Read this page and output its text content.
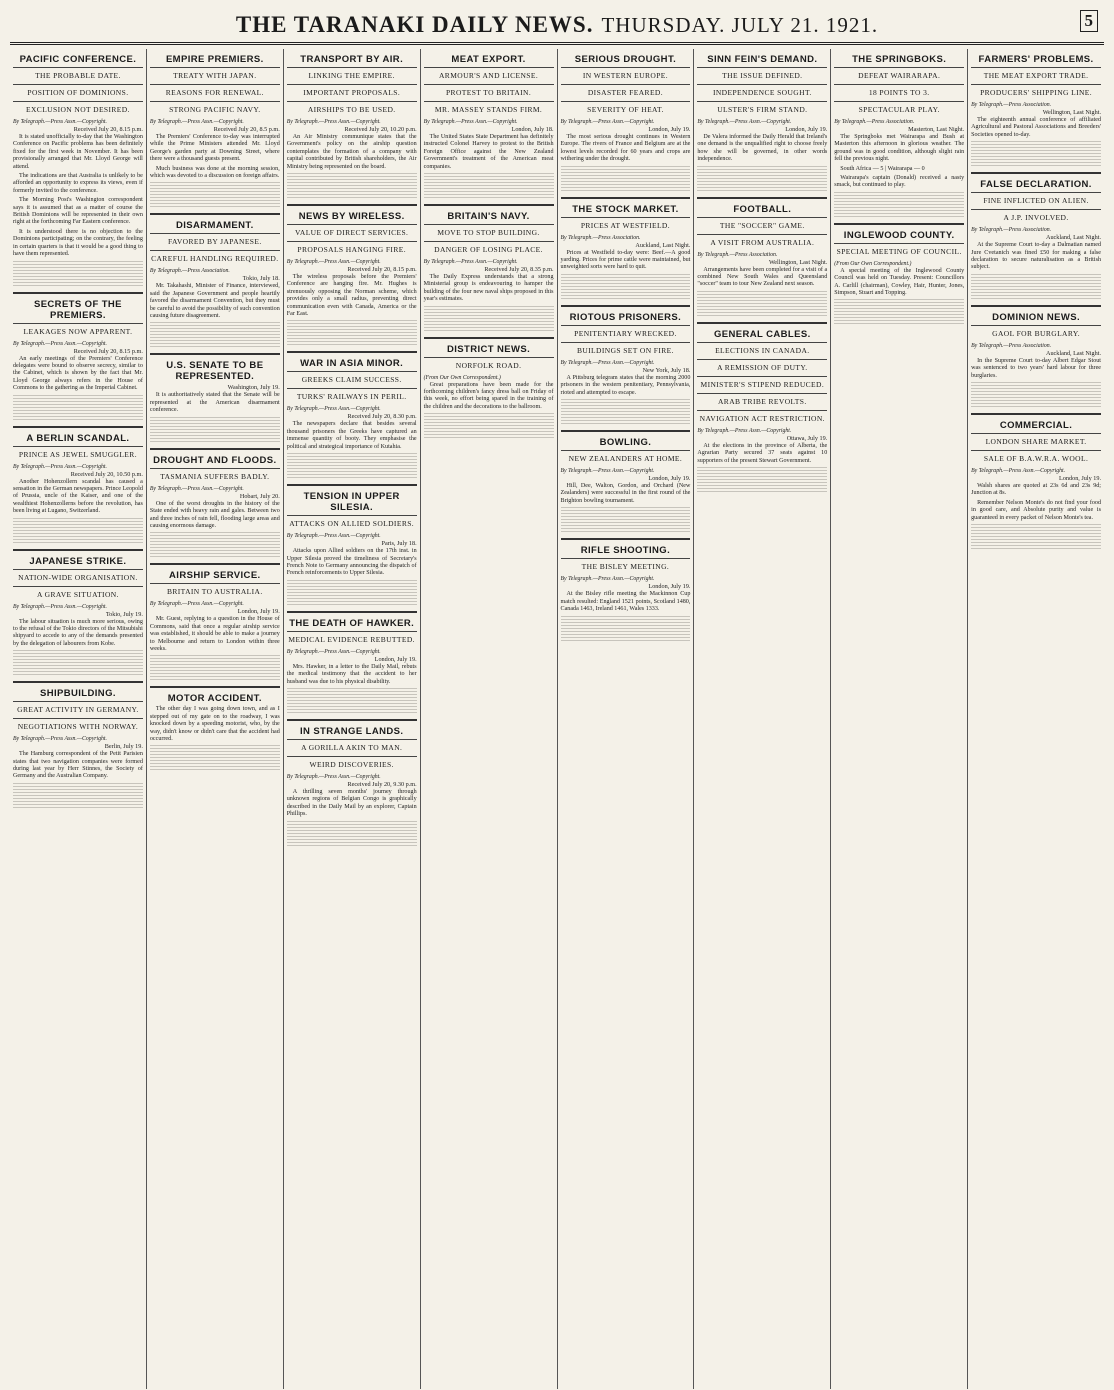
THE TARANAKI DAILY NEWS. THURSDAY. JULY 21. 1921.	5
PACIFIC CONFERENCE.
THE PROBABLE DATE.
POSITION OF DOMINIONS.
EXCLUSION NOT DESIRED.
By Telegraph.—Press Assn.—Copyright.
Received July 20, 8.15 p.m.

It is stated unofficially to-day that the Washington Conference on Pacific problems has been definitely fixed for the first week in November. It has been provisionally arranged that Mr. Lloyd George will attend.

The indications are that Australia is unlikely to be afforded an opportunity to express its views, even if formerly invited to the conference.

The Morning Post's Washington correspondent says it is assumed that as a matter of course the British Dominions will be represented in their own right at the forthcoming Far Eastern conference.

It is understood there is no objection to the Dominions participating; on the contrary, the feeling in certain quarters is that it would be a good thing to have them represented.

SECRETS OF THE PREMIERS.
LEAKAGES NOW APPARENT.
By Telegraph.—Press Assn.—Copyright.
Received July 20, 8.15 p.m.

An early meetings of the Premiers' Conference delegates were bound to observe secrecy, similar to the Cabinet, which is shown by the fact that Mr. Lloyd George always refers in the House of Commons to the gathering as the Imperial Cabinet.

A BERLIN SCANDAL.
PRINCE AS JEWEL SMUGGLER.
By Telegraph.—Press Assn.—Copyright.
Received July 20, 10.50 p.m.

Another Hohenzollern scandal has caused a sensation in the German newspapers. Prince Leopold of Prussia, uncle of the Kaiser, and one of the wealthiest Hohenzollerns before the revolution, has been living at Lugano, Switzerland.

JAPANESE STRIKE.
NATION-WIDE ORGANISATION.
A GRAVE SITUATION.
By Telegraph.—Press Assn.—Copyright.
Tokio, July 19.

The labour situation is much more serious, owing to the refusal of the Tokio directors of the Mitsubishi shipyard to accede to any of the demands presented by the delegation of labourers from Kobe.

SHIPBUILDING.
GREAT ACTIVITY IN GERMANY.
NEGOTIATIONS WITH NORWAY.
By Telegraph.—Press Assn.—Copyright.
Berlin, July 19.

The Hamburg correspondent of the Petit Parisien states that two navigation companies were formed during last year by Herr Stinnes, the Society of Germany and the Australian Company.

EMPIRE PREMIERS.
TREATY WITH JAPAN.
REASONS FOR RENEWAL.
STRONG PACIFIC NAVY.
By Telegraph.—Press Assn.—Copyright.
Received July 20, 8.5 p.m.

The Premiers' Conference to-day was interrupted while the Prime Ministers attended Mr. Lloyd George's garden party at Downing Street, where there were a thousand guests present.

Much business was done at the morning session, which was devoted to a discussion on foreign affairs.

DISARMAMENT.
FAVORED BY JAPANESE.
CAREFUL HANDLING REQUIRED.
By Telegraph.—Press Association.
Tokio, July 18.

Mr. Takahashi, Minister of Finance, interviewed, said the Japanese Government and people heartily favored the disarmament Convention, but they must be careful to avoid the possibility of such convention causing future disagreement.

U.S. SENATE TO BE REPRESENTED.
Washington, July 19.

It is authoritatively stated that the Senate will be represented at the American disarmament conference.

DROUGHT AND FLOODS.
TASMANIA SUFFERS BADLY.
By Telegraph.—Press Assn.—Copyright.
Hobart, July 20.

One of the worst droughts in the history of the State ended with heavy rain and gales. Between two and three inches of rain fell, flooding large areas and causing enormous damage.

AIRSHIP SERVICE.
BRITAIN TO AUSTRALIA.
By Telegraph.—Press Assn.—Copyright.
London, July 19.

Mr. Guest, replying to a question in the House of Commons, said that once a regular airship service was established, it should be able to make a journey to Melbourne and return to London within three weeks.

MOTOR ACCIDENT.

The other day I was going down town, and as I stepped out of my gate on to the roadway, I was knocked down by a speeding motorist, who, by the way, didn't know or didn't care that the accident had occurred.

TRANSPORT BY AIR.
LINKING THE EMPIRE.
IMPORTANT PROPOSALS.
AIRSHIPS TO BE USED.
By Telegraph.—Press Assn.—Copyright.
Received July 20, 10.20 p.m.

An Air Ministry communique states that the Government's policy on the airship question contemplates the formation of a company with capital contributed by British shareholders, the Air Ministry being represented on the board.

NEWS BY WIRELESS.
VALUE OF DIRECT SERVICES.
PROPOSALS HANGING FIRE.
By Telegraph.—Press Assn.—Copyright.
Received July 20, 8.15 p.m.

The wireless proposals before the Premiers' Conference are hanging fire. Mr. Hughes is strenuously opposing the Norman scheme, which provides only a small radius, preventing direct communication even with Canada, America or the Far East.

WAR IN ASIA MINOR.
GREEKS CLAIM SUCCESS.
TURKS' RAILWAYS IN PERIL.
By Telegraph.—Press Assn.—Copyright.
Received July 20, 8.30 p.m.

The newspapers declare that besides several thousand prisoners the Greeks have captured an immense quantity of booty. They emphasise the political and strategical importance of Kutahia.

TENSION IN UPPER SILESIA.
ATTACKS ON ALLIED SOLDIERS.
By Telegraph.—Press Assn.—Copyright.
Paris, July 18.

Attacks upon Allied soldiers on the 17th inst. in Upper Silesia proved the timeliness of Secretary's French Note to Germany announcing the dispatch of French reinforcements to Upper Silesia.

THE DEATH OF HAWKER.
MEDICAL EVIDENCE REBUTTED.
By Telegraph.—Press Assn.—Copyright.
London, July 19.

Mrs. Hawker, in a letter to the Daily Mail, rebuts the medical testimony that the accident to her husband was due to his physical disability.

IN STRANGE LANDS.
A GORILLA AKIN TO MAN.
WEIRD DISCOVERIES.
By Telegraph.—Press Assn.—Copyright.
Received July 20, 9.30 p.m.

A thrilling seven months' journey through unknown regions of Belgian Congo is graphically described in the Daily Mail by an explorer, Captain Phillips.

MEAT EXPORT.
ARMOUR'S AND LICENSE.
PROTEST TO BRITAIN.
MR. MASSEY STANDS FIRM.
By Telegraph.—Press Assn.—Copyright.
London, July 18.

The United States State Department has definitely instructed Colonel Harvey to protest to the British Foreign Office against the New Zealand Government's treatment of the American meat companies.

BRITAIN'S NAVY.
MOVE TO STOP BUILDING.
DANGER OF LOSING PLACE.
By Telegraph.—Press Assn.—Copyright.
Received July 20, 8.35 p.m.

The Daily Express understands that a strong Ministerial group is endeavouring to hamper the building of the four new naval ships proposed in this year's estimates.

DISTRICT NEWS.
NORFOLK ROAD.
(From Our Own Correspondent.)

Great preparations have been made for the forthcoming children's fancy dress ball on Friday of this week, no effort being spared in the training of the children and the decorations to the ballroom.

SERIOUS DROUGHT.
IN WESTERN EUROPE.
DISASTER FEARED.
SEVERITY OF HEAT.
By Telegraph.—Press Assn.—Copyright.
London, July 19.

The most serious drought continues in Western Europe. The rivers of France and Belgium are at the lowest levels recorded for 60 years and crops are withering under the drought.

THE STOCK MARKET.
PRICES AT WESTFIELD.
By Telegraph.—Press Association.
Auckland, Last Night.

Prices at Westfield to-day were: Beef.—A good yarding. Prices for prime cattle were maintained, but unweighted sorts were hard to quit.

RIOTOUS PRISONERS.
PENITENTIARY WRECKED.
BUILDINGS SET ON FIRE.
By Telegraph.—Press Assn.—Copyright.
New York, July 18.

A Pittsburg telegram states that the morning 2000 prisoners in the western penitentiary, Pennsylvania, rioted and attempted to escape.

BOWLING.
NEW ZEALANDERS AT HOME.
By Telegraph.—Press Assn.—Copyright.
London, July 19.

Hill, Dee, Walton, Gordon, and Orchard (New Zealanders) were successful in the first round of the Brighton bowling tournament.

RIFLE SHOOTING.
THE BISLEY MEETING.
By Telegraph.—Press Assn.—Copyright.
London, July 19.

At the Bisley rifle meeting the Mackinnon Cup match resulted: England 1521 points, Scotland 1480, Canada 1463, Ireland 1461, Wales 1333.

SINN FEIN'S DEMAND.
THE ISSUE DEFINED.
INDEPENDENCE SOUGHT.
ULSTER'S FIRM STAND.
By Telegraph.—Press Assn.—Copyright.
London, July 19.

De Valera informed the Daily Herald that Ireland's one demand is the unqualified right to choose freely how she will be governed, in other words independence.

FOOTBALL.
THE "SOCCER" GAME.
A VISIT FROM AUSTRALIA.
By Telegraph.—Press Association.
Wellington, Last Night.

Arrangements have been completed for a visit of a combined New South Wales and Queensland "soccer" team to tour New Zealand next season.

GENERAL CABLES.
ELECTIONS IN CANADA.
A REMISSION OF DUTY.
MINISTER'S STIPEND REDUCED.
ARAB TRIBE REVOLTS.
NAVIGATION ACT RESTRICTION.
By Telegraph.—Press Assn.—Copyright.
Ottawa, July 19.

At the elections in the province of Alberta, the Agrarian Party secured 37 seats against 10 supporters of the present Stewart Government.

THE SPRINGBOKS.
DEFEAT WAIRARAPA.
18 POINTS TO 3.
SPECTACULAR PLAY.
By Telegraph.—Press Association.
Masterton, Last Night.

The Springboks met Wairarapa and Bush at Masterton this afternoon in glorious weather. The ground was in good condition, although slight rain fell the previous night.

South Africa — 5 | Wairarapa — 0

Wairarapa's captain (Donald) received a nasty smack, but continued to play.

INGLEWOOD COUNTY.
SPECIAL MEETING OF COUNCIL.
(From Our Own Correspondent.)

A special meeting of the Inglewood County Council was held on Tuesday. Present: Councillors A. Carlill (chairman), Cowley, Hair, Hunter, Jones, Simpson, Stuart and Topping.

FARMERS' PROBLEMS.
THE MEAT EXPORT TRADE.
PRODUCERS' SHIPPING LINE.
By Telegraph.—Press Association.
Wellington, Last Night.

The eighteenth annual conference of affiliated Agricultural and Pastoral Associations and Breeders' Societies opened to-day.

FALSE DECLARATION.
FINE INFLICTED ON ALIEN.
A J.P. INVOLVED.
By Telegraph.—Press Association.
Auckland, Last Night.

At the Supreme Court to-day a Dalmatian named Jure Cvetanich was fined £50 for making a false declaration to secure naturalisation as a British subject.

DOMINION NEWS.
GAOL FOR BURGLARY.
By Telegraph.—Press Association.
Auckland, Last Night.

In the Supreme Court to-day Albert Edgar Stout was sentenced to two years' hard labour for three burglaries.

COMMERCIAL.
LONDON SHARE MARKET.
SALE OF B.A.W.R.A. WOOL.
By Telegraph.—Press Assn.—Copyright.
London, July 19.

Walsh shares are quoted at 23s 6d and 23s 9d; Junction at 8s.

Remember Nelson Monte's do not find your food in good care, and Absolute purity and value is guaranteed in every packet of Nelson Monte's tea.
